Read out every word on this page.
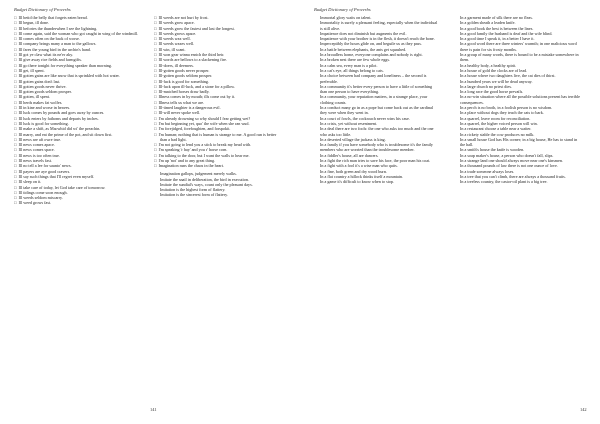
Budget Dictionary of Proverbs
□ Ill betid the belly that forgets eaten bread.
□ Ill begun, ill done.
□ Ill befortes the thunderwhen I see the lightning.
□ Ill come again, said the woman who got caught in wing of the windmill.
□ Ill comes often on the back of worse.
□ Ill company brings many a man to the gallows.
□ Ill fares the young bird in the urchin's hand.
□ Ill got ye claw what its ne'er aky.
□ Ill give away rice fields and farmgifts.
□ Ill go there tonight for everything speaker than morning.
□ Ill get, ill spent.
□ Ill gotten gains are like snow that is sprinkled with hot water.
□ Ill gotten gains don't last.
□ Ill gotten goods never thrive.
□ Ill gotten goods seldom prosper.
□ Ill gotten, ill spent.
□ Ill herds makes fat wolfes.
□ Ill in kine and worse in heaves.
□ Ill luck comes by pounds and goes away by ounces.
□ Ill luck enters by fathoms and departs by inches.
□ Ill luck is good for something.
□ Ill make a shift, as Macwhid did wi' the preachin.
□ Ill marry, and eat the prime of the pot, and sit down first.
□ Ill news are aft owre true.
□ Ill news comes apace.
□ Ill news comes space.
□ Ill news is too often true.
□ Ill news travels fast.
□ Ill no tell a lee for saunto' news.
□ Ill payers are aye good cravers.
□ Ill say such things that I'll regret even myself.
□ Ill sleep on it.
□ Ill take care of today, let God take care of tomorrow.
□ Ill tidings come soon enough.
□ Ill weeds seldom miscarry.
□ Ill weed grows fast.
□ Ill weeds are not hurt by frost.
□ Ill weeds grow apace.
□ Ill weeds grow the fastest and last the longest.
□ Ill weeds grows apace.
□ Ill weeds wax well.
□ Ill weeds waxes well.
□ Ill win, ill scant.
□ Ill won gear winna enrich the third heir.
□ Ill words are bellows to a slackening fire.
□ Ill-doers, ill deemers.
□ Ill-gotten goods never prosper.
□ Ill-gotten goods seldom prosper.
□ Ill-luck is good for something.
□ Ill-luck upon ill-luck, and a stone for a pillow.
□ Ill-matched horses draw badly.
□ Illness comes in by mouth; ills come out by it.
□ Illness tells us what we are.
□ Ill-timed laughter is a dangerous evil.
□ Ill-will never spoke well.
□ I'm already drowning so why should I fear getting wet?
□ I'm but beginning yet, quo' the wife when she ran wud.
□ I'm forejidged, forefoughten, and forspokit.
□ I'm human; nothing that is human is strange to me. A good run is better than a bad light.
□ I'm not going to lend you a stick to break my head with.
□ I'm speaking 'r hay' and you r' horse corn.
□ I'm talking to the door, but I want the walls to hear me.
□ I'm up 'not' and to any great thing.
□ Imagination runs the chaos in the heart.
Imagination gallops, judgement merely walks.
Imitate the snail in deliberation, the bird in execution.
Imitate the sundial's ways, count only the pleasant days.
Imitation is the highest form of flattery.
Imitation is the sincerest form of flattery.
141
Budget Dictionary of Proverbs
Immortal glory waits on talent.
Immortality is surely a pleasant feeling, especially when the individual is still alive.
Impatience does not diminish but augments the evil.
Impatience with your brother is in the flesh, it doesn't reach the bone.
Imperceptibly the hours glide on, and beguile us as they pass.
In a battle between elephants, the ants get squashed.
In a broadless home, everyone complains and nobody is right.
In a broken nest there are few whole eggs.
In a calm sea, every man is a pilot.
In a cat's eye, all things belong to cats.
In a choice between bad company and loneliness – the second is preferable.
In a community it's better every person to have a little of something than one person to have everything.
In a community, your reputation matters, in a strange place, your clothing counts.
In a conduct many go in as a pope but come back out as the cardinal they were when they went in.
In a court of fowls, the cockroach never wins his case.
In a crisis, yet without resentment.
In a deal there are two fools: the one who asks too much and the one who asks too little.
In a deserted village the jackass is king.
In a family if you have somebody who is troublesome it's the family members who are worried than the troublesome member.
In a fiddler's house, all are dancers.
In a fight the rich man tries to save his face, the poor man his coat.
In a fight with a fool it's a wise man who quits.
In a fine, both green and dry wood burn.
In a flat country a hillock thinks itself a mountain.
In a game it's difficult to know when to stop.
In a garment made of silk there are no fleas.
In a golden sheath a leaden knife.
In a good book the best is between the lines.
In a good family the husband is deaf and the wife blind.
In a good time I speak it, in a better I have it.
In a good word there are three winters' warmth; in one malicious word there is pain for six frosty months.
In a group of many words, there is bound to be a mistake somewhere in them.
In a healthy body, a healthy spirit.
In a house of gold the clocks are of lead.
In a house where two daughters live, the cat dies of thirst.
In a hundred years we will be dead anyway.
In a large church no priest dies.
In a long race the good horse prevails.
In a no-win situation where all the possible solutions present has terrible consequences.
In a perch is no broth, in a foolish person is no wisdom.
In a place without dogs they teach the cats to bark.
In a quarrel, leave room for reconciliation.
In a quarrel, the higher voiced person will win.
In a restaurant choose a table near a waiter.
In a rickety stable the cow produces no milk.
In a small house God has His corner; in a big house, He has to stand in the hall.
In a smith's house the knife is wooden.
In a soap maker's house, a person who doesn't fall, slips.
In a strange land one should always move near one's kinsmen.
In a thousand pounds of law there is not one ounce of love.
In a trade someone always loses.
In a tree that you can't climb, there are always a thousand fruits.
In a treeless country, the castor-oil plant is a big tree.
142
